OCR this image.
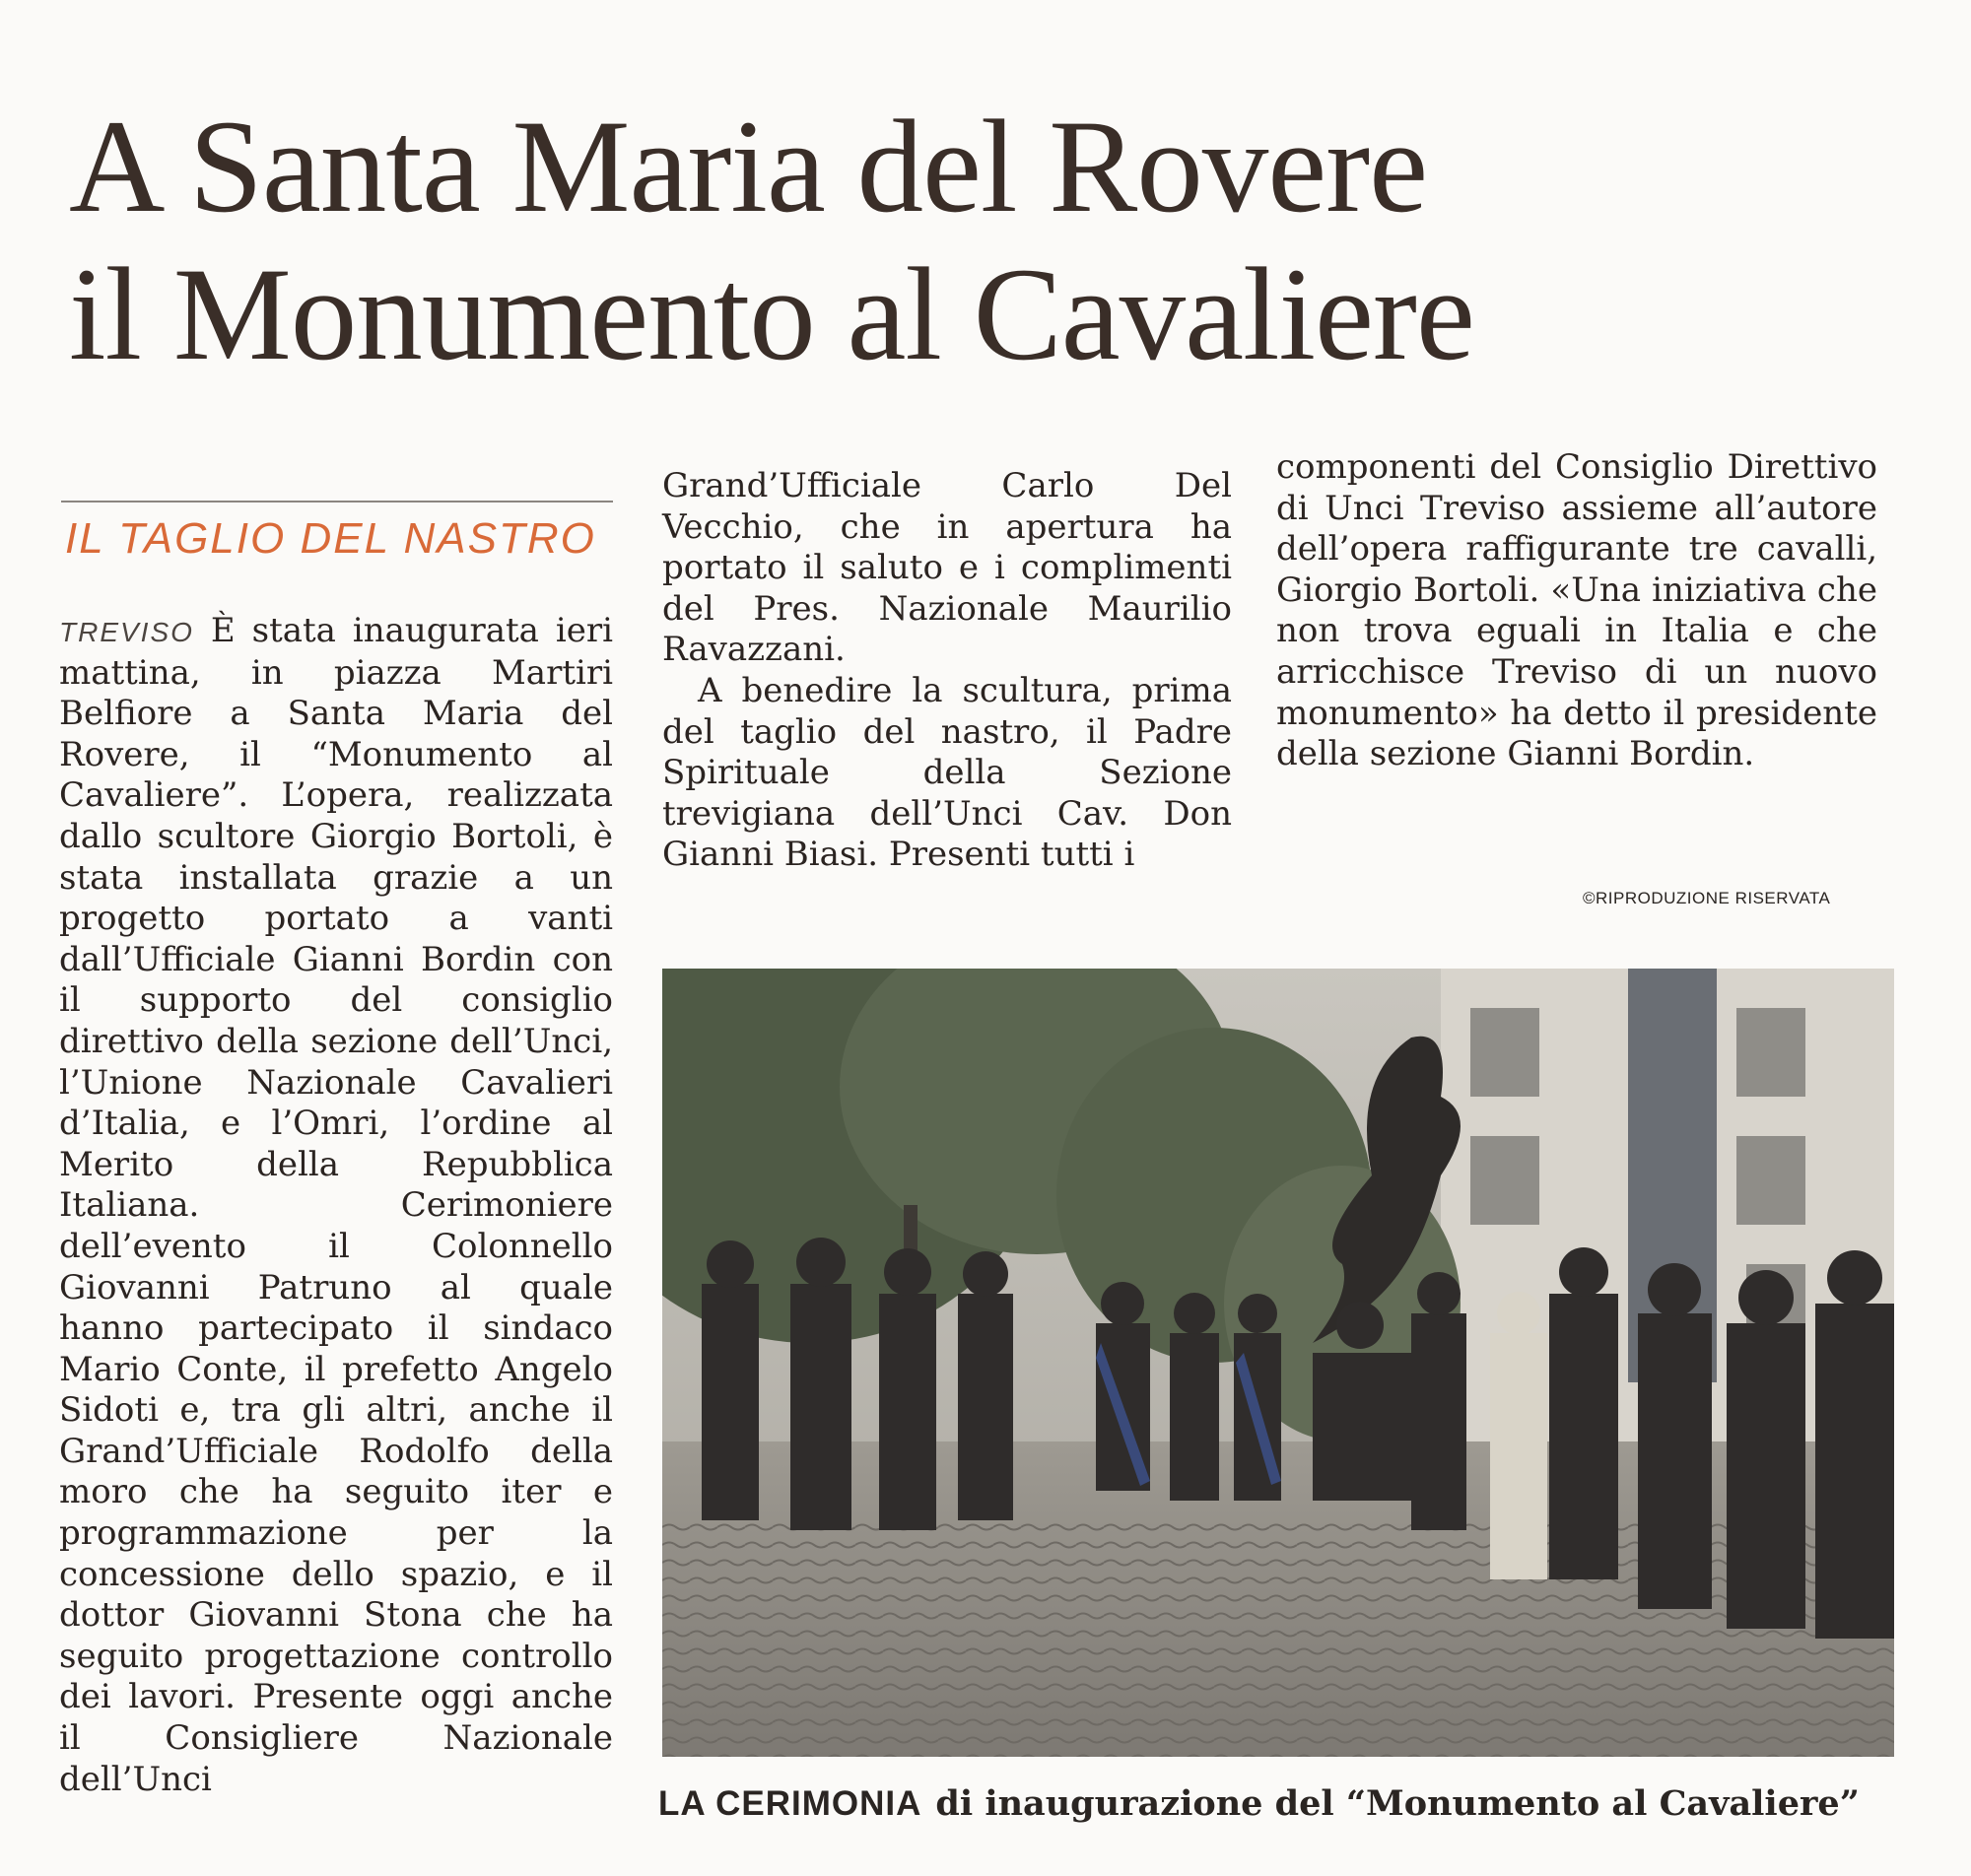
A Santa Maria del Rovere
il Monumento al Cavaliere
IL TAGLIO DEL NASTRO

TREVISO È stata inaugurata ieri mattina, in piazza Martiri Belfiore a Santa Maria del Rovere, il “Monumento al Cavaliere”. L’opera, realizzata dallo scultore Giorgio Bortoli, è stata installata grazie a un progetto portato a vanti dall’Ufficiale Gianni Bordin con il supporto del consiglio direttivo della sezione dell’Unci, l’Unione Nazionale Cavalieri d’Italia, e l’Omri, l’ordine al Merito della Repubblica Italiana. Cerimoniere dell’evento il Colonnello Giovanni Patruno al quale hanno partecipato il sindaco Mario Conte, il prefetto Angelo Sidoti e, tra gli altri, anche il Grand’Ufficiale Rodolfo della moro che ha seguito iter e programmazione per la concessione dello spazio, e il dottor Giovanni Stona che ha seguito progettazione controllo dei lavori. Presente oggi anche il Consigliere Nazionale dell’Unci

Grand’Ufficiale Carlo Del Vecchio, che in apertura ha portato il saluto e i complimenti del Pres. Nazionale Maurilio Ravazzani.

A benedire la scultura, prima del taglio del nastro, il Padre Spirituale della Sezione trevigiana dell’Unci Cav. Don Gianni Biasi. Presenti tutti i

componenti del Consiglio Direttivo di Unci Treviso assieme all’autore dell’opera raffigurante tre cavalli, Giorgio Bortoli. «Una iniziativa che non trova eguali in Italia e che arricchisce Treviso di un nuovo monumento» ha detto il presidente della sezione Gianni Bordin.

©RIPRODUZIONE RISERVATA
LA CERIMONIA di inaugurazione del “Monumento al Cavaliere”
